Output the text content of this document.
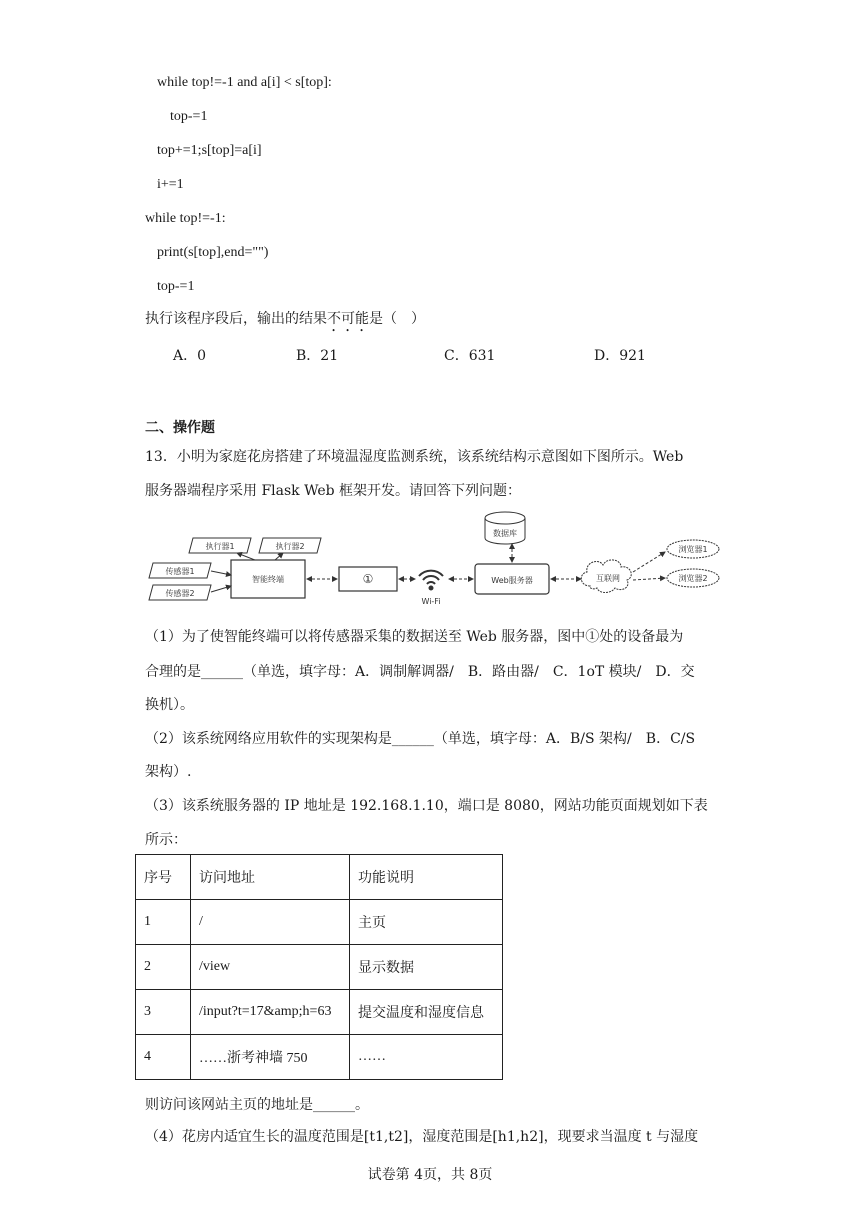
while top!=-1 and a[i] < s[top]:
top-=1
top+=1;s[top]=a[i]
i+=1
while top!=-1:
print(s[top],end="")
top-=1
执行该程序段后，输出的结果不可能是（　）
A．0	B．21	C．631	D．921
二、操作题
13．小明为家庭花房搭建了环境温湿度监测系统，该系统结构示意图如下图所示。Web
服务器端程序采用 Flask Web 框架开发。请回答下列问题：
执行器1	执行器2
传感器1
传感器2
智能终端	①
Wi-Fi
数据库
Web服务器	互联网
浏览器1
浏览器2
（1）为了使智能终端可以将传感器采集的数据送至 Web 服务器，图中①处的设备最为
合理的是______（单选，填字母：A．调制解调器/　B．路由器/　C．1oT 模块/　D．交
换机）。
（2）该系统网络应用软件的实现架构是______（单选，填字母：A．B/S 架构/　B．C/S
架构）.
（3）该系统服务器的 IP 地址是 192.168.1.10，端口是 8080，网站功能页面规划如下表
所示：
序号	访问地址	功能说明
1	/	主页
2	/view	显示数据
3	/input?t=17&amp;h=63	提交温度和湿度信息
4	……浙考神墙 750	……
则访问该网站主页的地址是______。
（4）花房内适宜生长的温度范围是[t1,t2]，湿度范围是[h1,h2]，现要求当温度 t 与湿度
试卷第 4页，共 8页
